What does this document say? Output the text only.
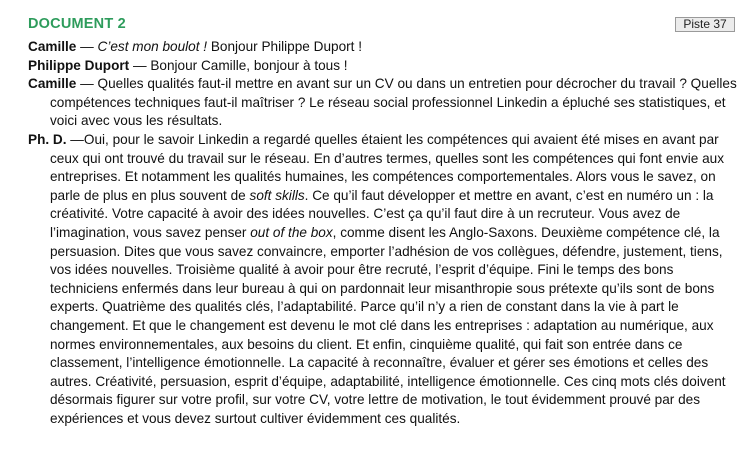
DOCUMENT 2	Piste 37

Camille — C’est mon boulot ! Bonjour Philippe Duport !

Philippe Duport — Bonjour Camille, bonjour à tous !

Camille — Quelles qualités faut-il mettre en avant sur un CV ou dans un entretien pour décrocher du travail ? Quelles compétences techniques faut-il maîtriser ? Le réseau social professionnel Linkedin a épluché ses statistiques, et voici avec vous les résultats.

Ph. D. —Oui, pour le savoir Linkedin a regardé quelles étaient les compétences qui avaient été mises en avant par ceux qui ont trouvé du travail sur le réseau. En d’autres termes, quelles sont les compétences qui font envie aux entreprises. Et notamment les qualités humaines, les compétences comportementales. Alors vous le savez, on parle de plus en plus souvent de soft skills. Ce qu’il faut développer et mettre en avant, c’est en numéro un : la créativité. Votre capacité à avoir des idées nouvelles. C’est ça qu’il faut dire à un recruteur. Vous avez de l’imagination, vous savez penser out of the box, comme disent les Anglo-Saxons. Deuxième compétence clé, la persuasion. Dites que vous savez convaincre, emporter l’adhésion de vos collègues, défendre, justement, tiens, vos idées nouvelles. Troisième qualité à avoir pour être recruté, l’esprit d’équipe. Fini le temps des bons techniciens enfermés dans leur bureau à qui on pardonnait leur misanthropie sous prétexte qu’ils sont de bons experts. Quatrième des qualités clés, l’adaptabilité. Parce qu’il n’y a rien de constant dans la vie à part le changement. Et que le changement est devenu le mot clé dans les entreprises : adaptation au numérique, aux normes environnementales, aux besoins du client. Et enfin, cinquième qualité, qui fait son entrée dans ce classement, l’intelligence émotionnelle. La capacité à reconnaître, évaluer et gérer ses émotions et celles des autres. Créativité, persuasion, esprit d’équipe, adaptabilité, intelligence émotionnelle. Ces cinq mots clés doivent désormais figurer sur votre profil, sur votre CV, votre lettre de motivation, le tout évidemment prouvé par des expériences et vous devez surtout cultiver évidemment ces qualités.
